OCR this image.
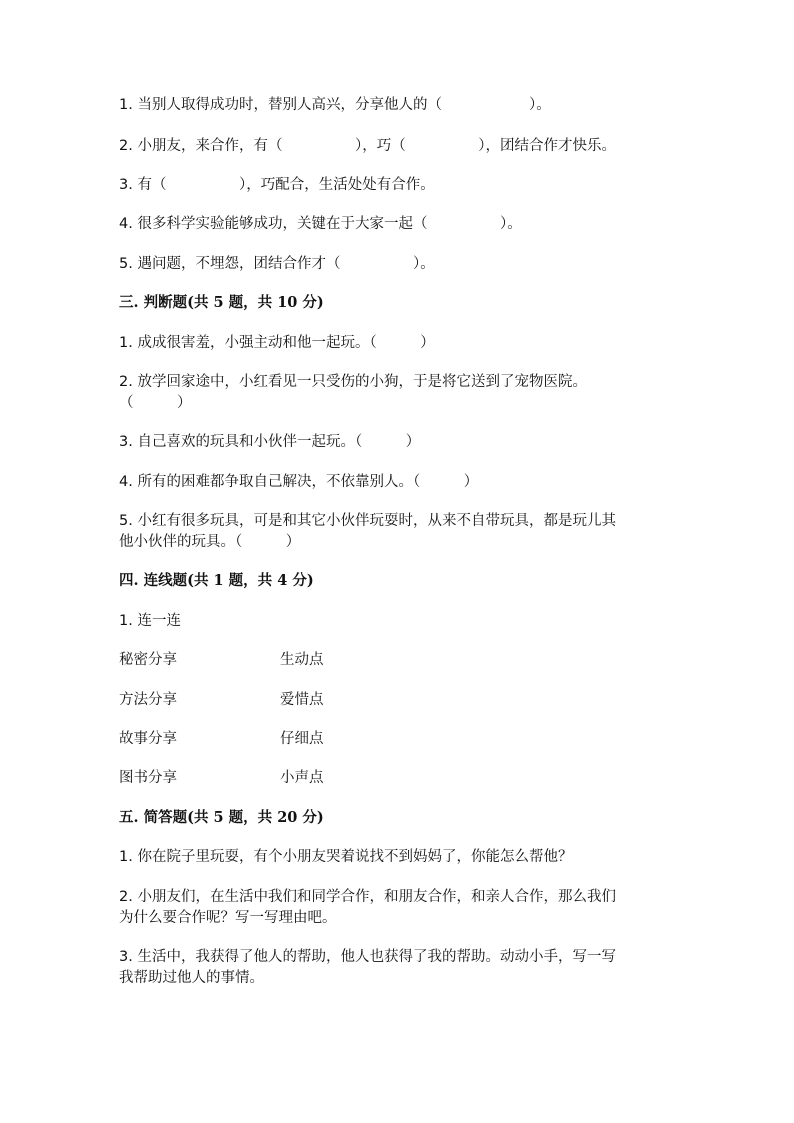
1. 当别人取得成功时，替别人高兴，分享他人的（　　　　　　）。
2. 小朋友，来合作，有（　　　　　），巧（　　　　　），团结合作才快乐。
3. 有（　　　　　），巧配合，生活处处有合作。
4. 很多科学实验能够成功，关键在于大家一起（　　　　　）。
5. 遇问题，不埋怨，团结合作才（　　　　　）。
三. 判断题(共 5 题，共 10 分)
1. 成成很害羞，小强主动和他一起玩。（　　　）
2. 放学回家途中，小红看见一只受伤的小狗，于是将它送到了宠物医院。
（　　　）
3. 自己喜欢的玩具和小伙伴一起玩。（　　　）
4. 所有的困难都争取自己解决，不依靠别人。（　　　）
5. 小红有很多玩具，可是和其它小伙伴玩耍时，从来不自带玩具，都是玩儿其
他小伙伴的玩具。（　　　）
四. 连线题(共 1 题，共 4 分)
1. 连一连
秘密分享	生动点
方法分享	爱惜点
故事分享	仔细点
图书分享	小声点
五. 简答题(共 5 题，共 20 分)
1. 你在院子里玩耍，有个小朋友哭着说找不到妈妈了，你能怎么帮他？
2. 小朋友们，在生活中我们和同学合作，和朋友合作，和亲人合作，那么我们
为什么要合作呢？写一写理由吧。
3. 生活中，我获得了他人的帮助，他人也获得了我的帮助。动动小手，写一写
我帮助过他人的事情。
